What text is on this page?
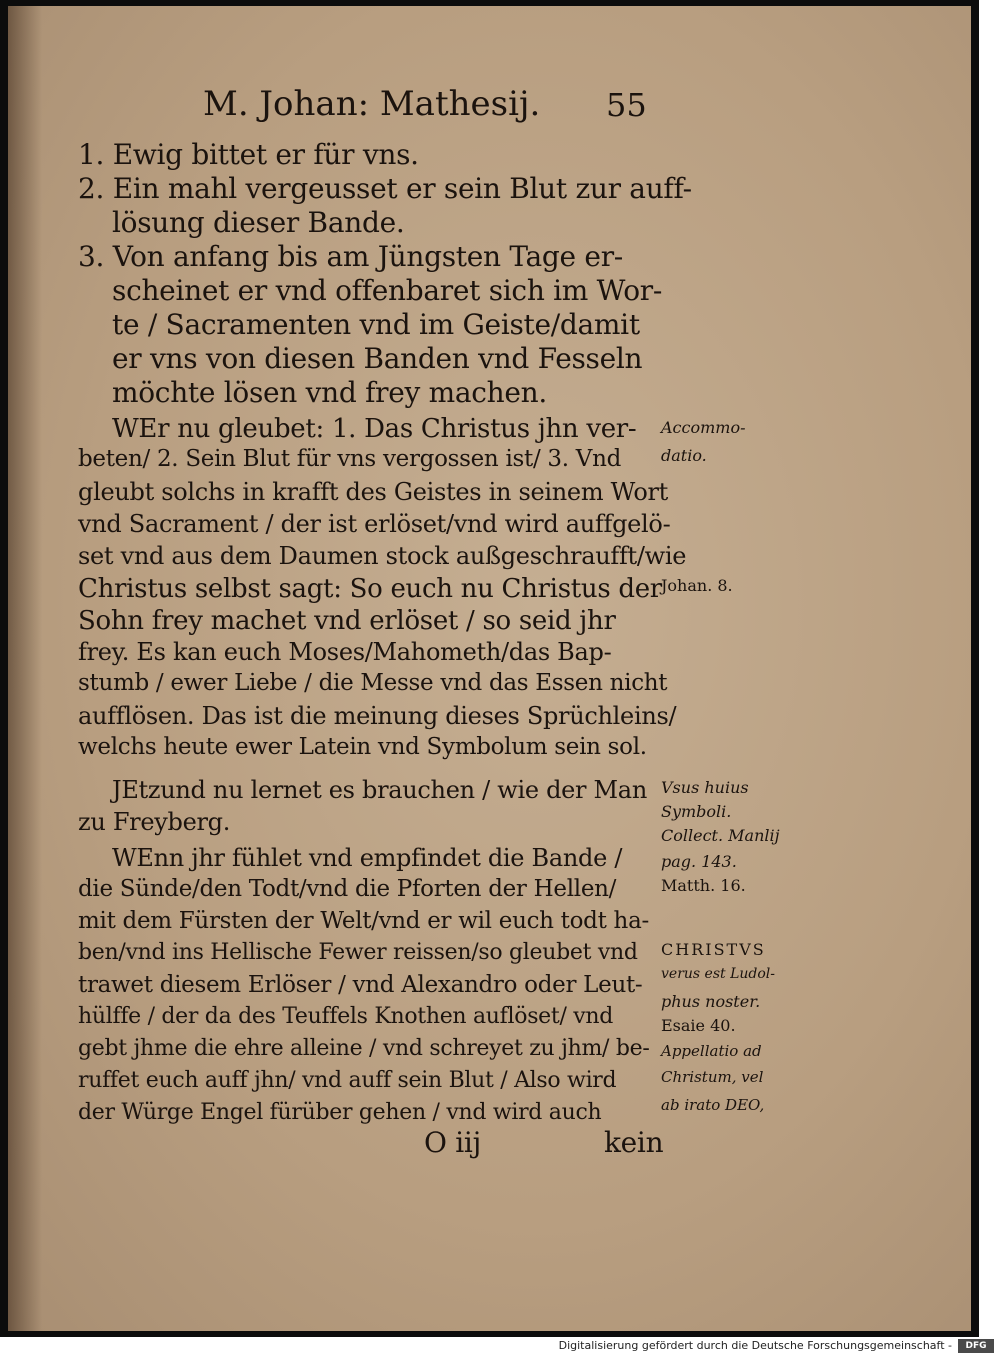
M. Johan: Mathesij. 55
1. Ewig bittet er für vns.
2. Ein mahl vergeusset er sein Blut zur auff-
lösung dieser Bande.
3. Von anfang bis am Jüngsten Tage er-
scheinet er vnd offenbaret sich im Wor-
te / Sacramenten vnd im Geiste/damit
er vns von diesen Banden vnd Fesseln
möchte lösen vnd frey machen.
WEr nu gleubet: 1. Das Christus jhn ver-
beten/ 2. Sein Blut für vns vergossen ist/ 3. Vnd
gleubt solchs in krafft des Geistes in seinem Wort
vnd Sacrament / der ist erlöset/vnd wird auffgelö-
set vnd aus dem Daumen stock außgeschraufft/wie
Christus selbst sagt: So euch nu Christus der
Sohn frey machet vnd erlöset / so seid jhr
frey. Es kan euch Moses/Mahometh/das Bap-
stumb / ewer Liebe / die Messe vnd das Essen nicht
aufflösen. Das ist die meinung dieses Sprüchleins/
welchs heute ewer Latein vnd Symbolum sein sol.
JEtzund nu lernet es brauchen / wie der Man
zu Freyberg.
WEnn jhr fühlet vnd empfindet die Bande /
die Sünde/den Todt/vnd die Pforten der Hellen/
mit dem Fürsten der Welt/vnd er wil euch todt ha-
ben/vnd ins Hellische Fewer reissen/so gleubet vnd
trawet diesem Erlöser / vnd Alexandro oder Leut-
hülffe / der da des Teuffels Knothen auflöset/ vnd
gebt jhme die ehre alleine / vnd schreyet zu jhm/ be-
ruffet euch auff jhn/ vnd auff sein Blut / Also wird
der Würge Engel fürüber gehen / vnd wird auch
O iij	kein
Accommo-
datio.
Johan. 8.
Vsus huius
Symboli.
Collect. Manlij
pag. 143.
Matth. 16.
CHRISTVS
verus est Ludol-
phus noster.
Esaie 40.
Appellatio ad
Christum, vel
ab irato DEO,
Digitalisierung gefördert durch die Deutsche Forschungsgemeinschaft -	DFG
